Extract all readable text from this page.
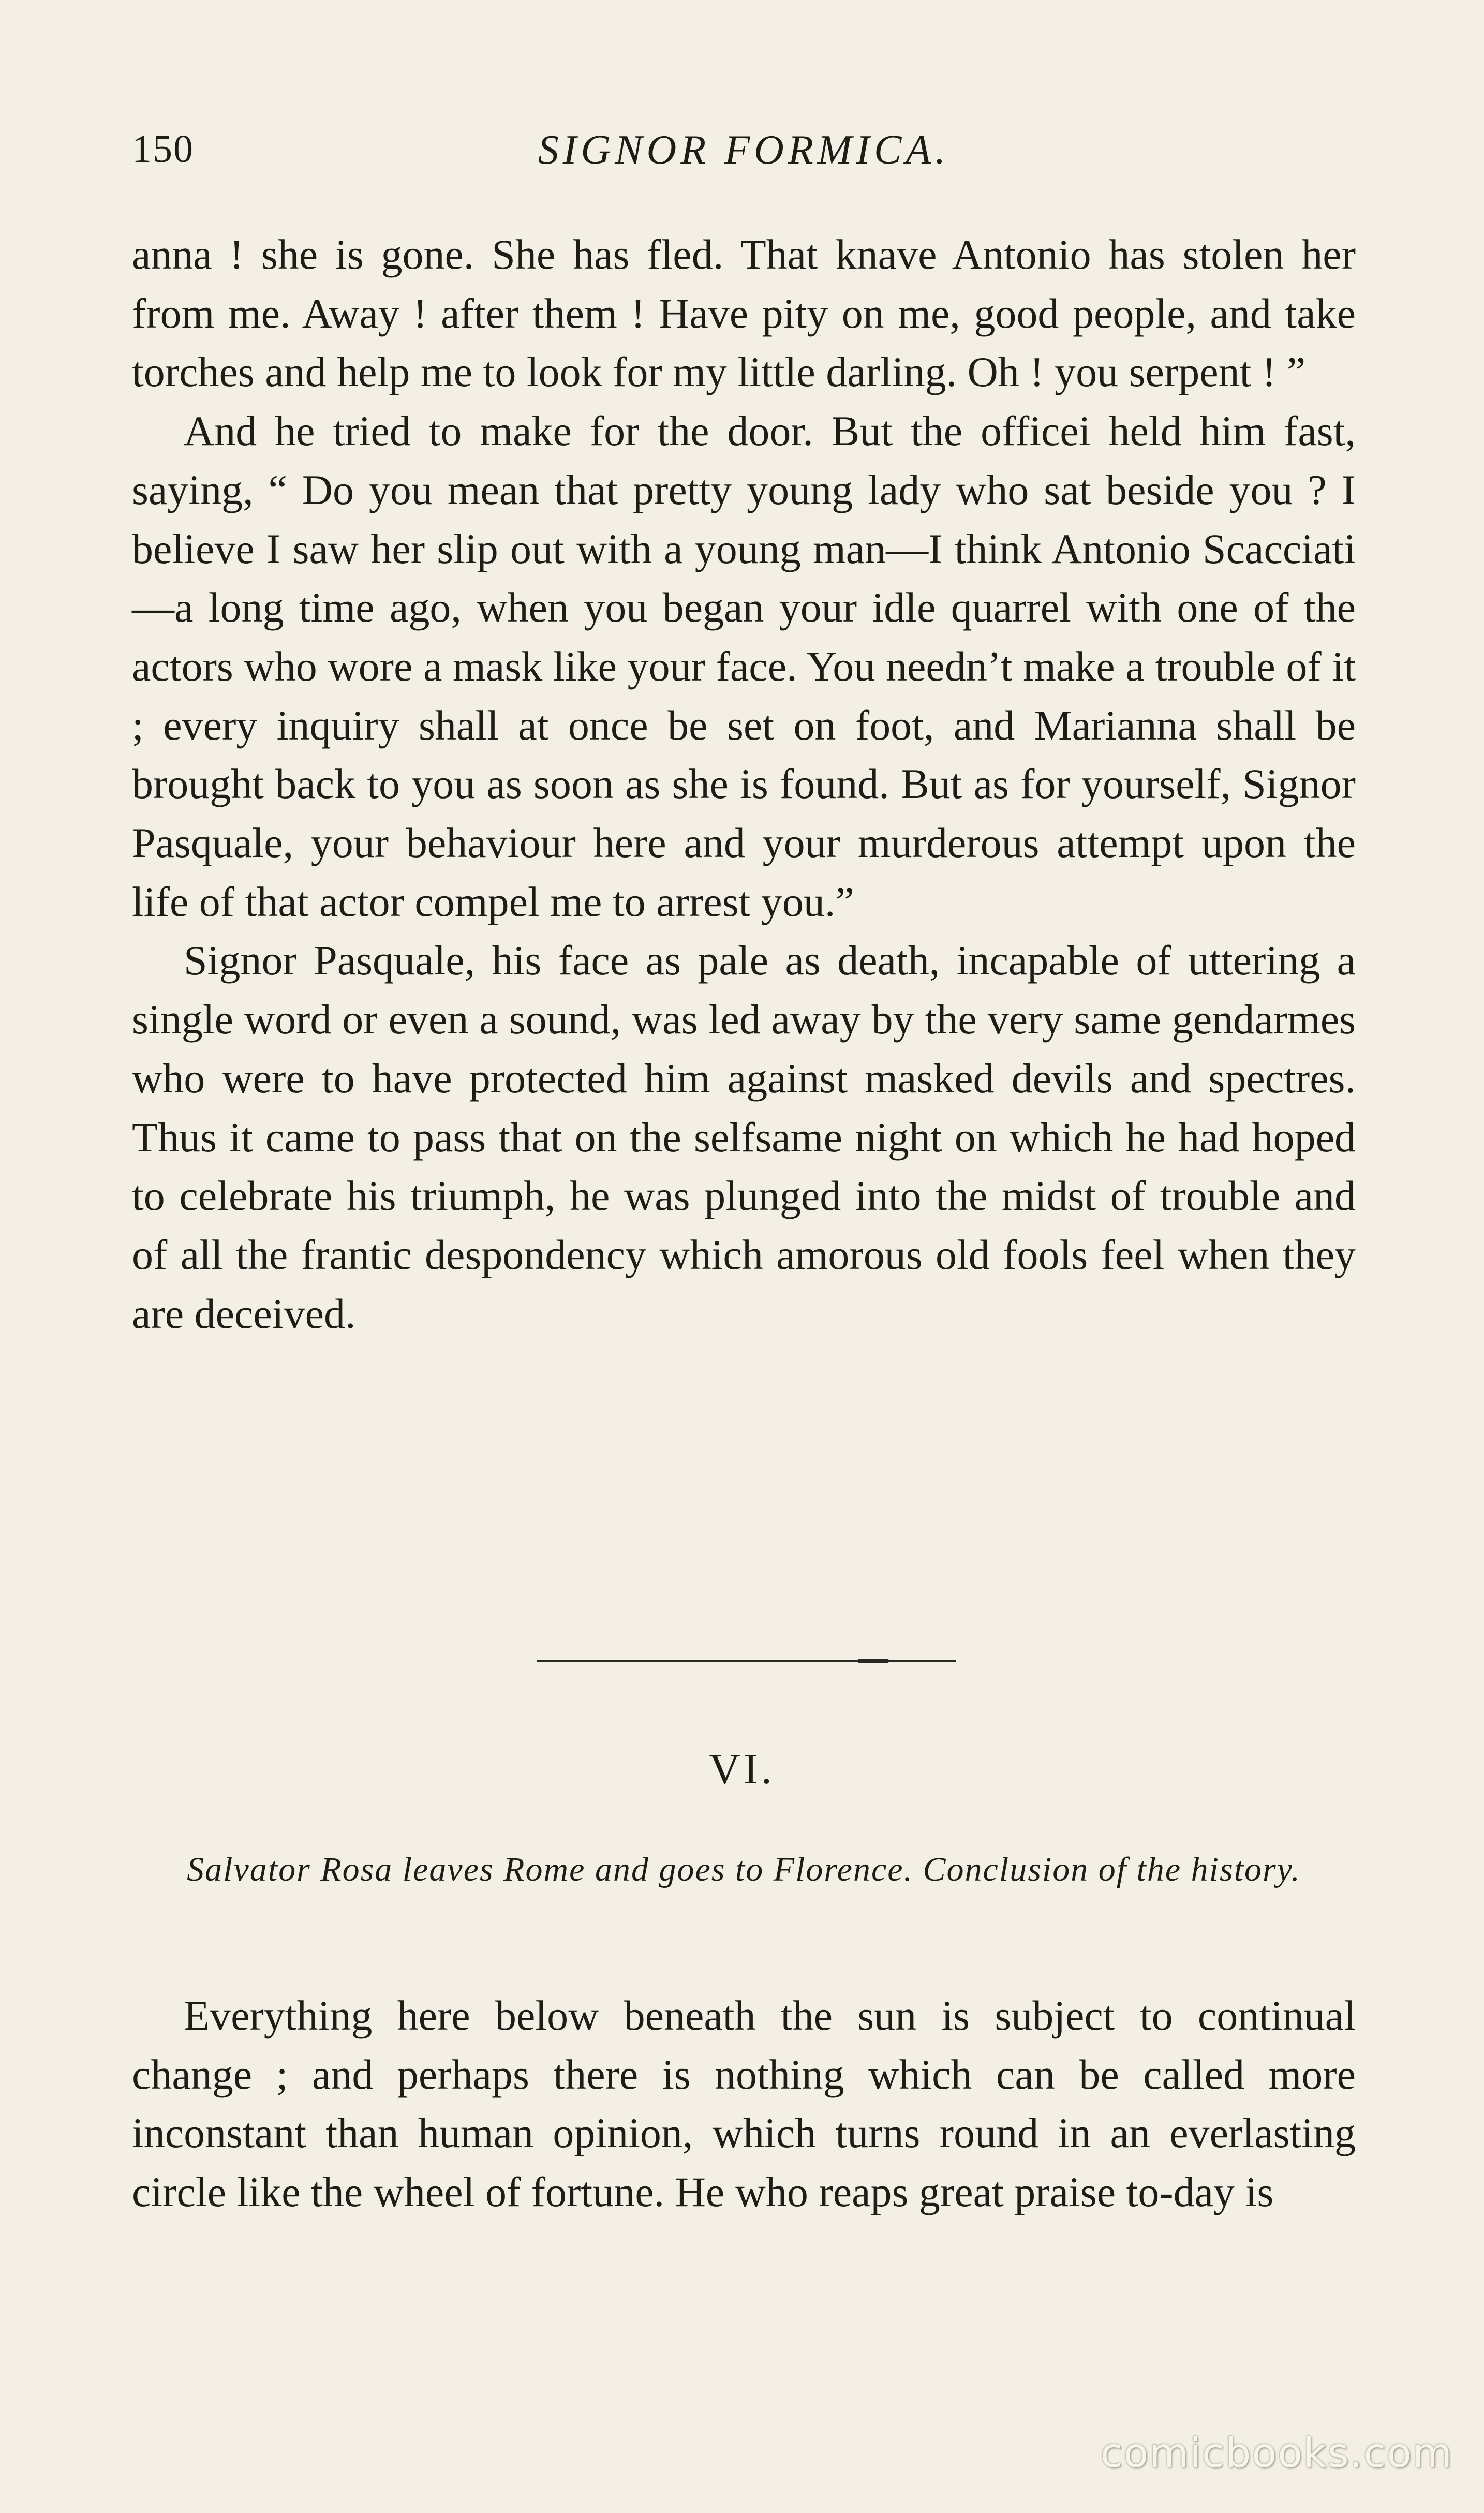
150	SIGNOR FORMICA.

anna ! she is gone. She has fled. That knave Antonio has stolen her from me. Away ! after them ! Have pity on me, good people, and take torches and help me to look for my little darling. Oh ! you serpent ! ”

And he tried to make for the door. But the officei held him fast, saying, “ Do you mean that pretty young lady who sat beside you ? I believe I saw her slip out with a young man—I think Antonio Scacciati—a long time ago, when you began your idle quarrel with one of the actors who wore a mask like your face. You needn’t make a trouble of it ; every inquiry shall at once be set on foot, and Marianna shall be brought back to you as soon as she is found. But as for yourself, Signor Pasquale, your behaviour here and your murderous attempt upon the life of that actor compel me to arrest you.”

Signor Pasquale, his face as pale as death, incapable of uttering a single word or even a sound, was led away by the very same gendarmes who were to have protected him against masked devils and spectres. Thus it came to pass that on the selfsame night on which he had hoped to celebrate his triumph, he was plunged into the midst of trouble and of all the frantic despondency which amorous old fools feel when they are deceived.

VI.

Salvator Rosa leaves Rome and goes to Florence. Conclusion of the history.

Everything here below beneath the sun is subject to continual change ; and perhaps there is nothing which can be called more inconstant than human opinion, which turns round in an everlasting circle like the wheel of fortune. He who reaps great praise to-day is

comicbooks.com
